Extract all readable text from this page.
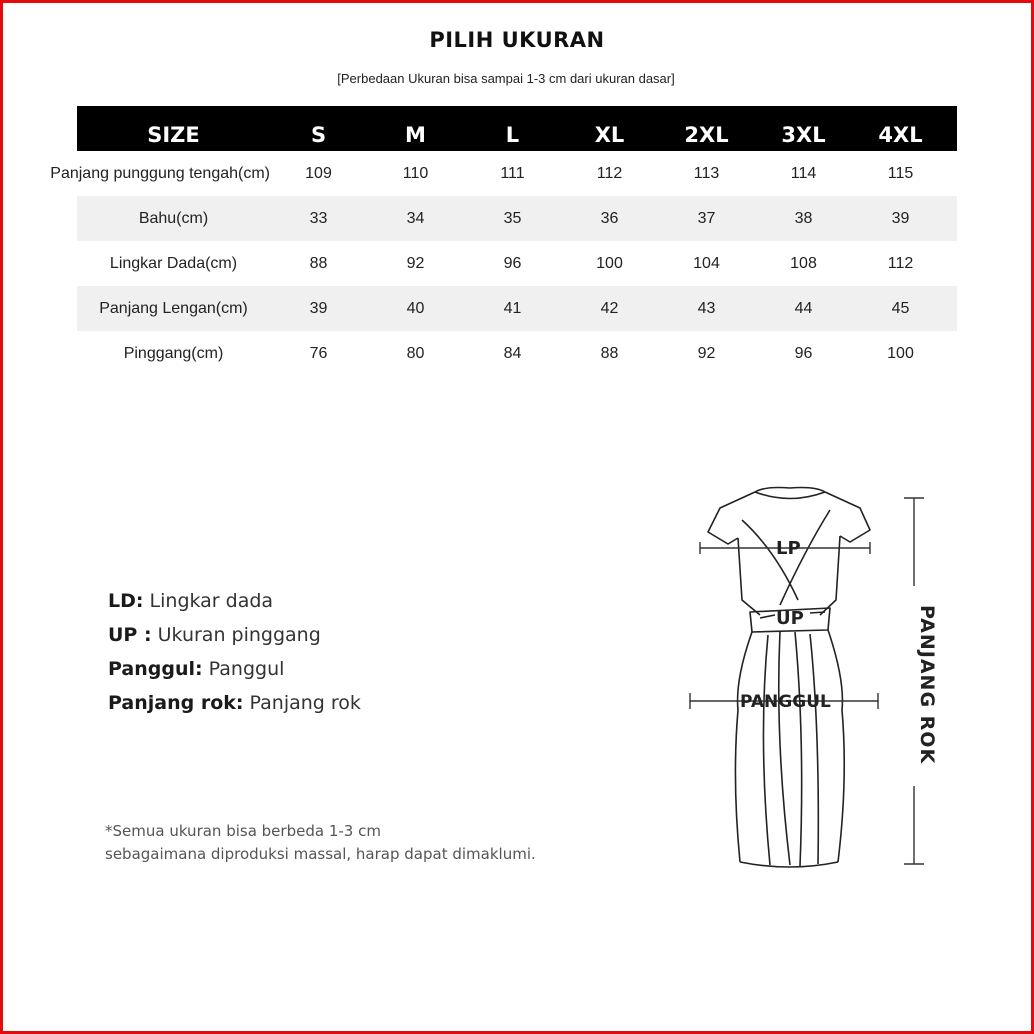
PILIH UKURAN
[Perbedaan Ukuran bisa sampai 1-3 cm dari ukuran dasar]
SIZE	S	M	L	XL	2XL	3XL	4XL
Panjang punggung tengah(cm)	109	110	111	112	113	114	115
Bahu(cm)	33	34	35	36	37	38	39
Lingkar Dada(cm)	88	92	96	100	104	108	112
Panjang Lengan(cm)	39	40	41	42	43	44	45
Pinggang(cm)	76	80	84	88	92	96	100
LD: Lingkar dada
UP : Ukuran pinggang
Panggul: Panggul
Panjang rok: Panjang rok
*Semua ukuran bisa berbeda 1-3 cm
sebagaimana diproduksi massal, harap dapat dimaklumi.
LP
UP
PANGGUL	PANJANG ROK
